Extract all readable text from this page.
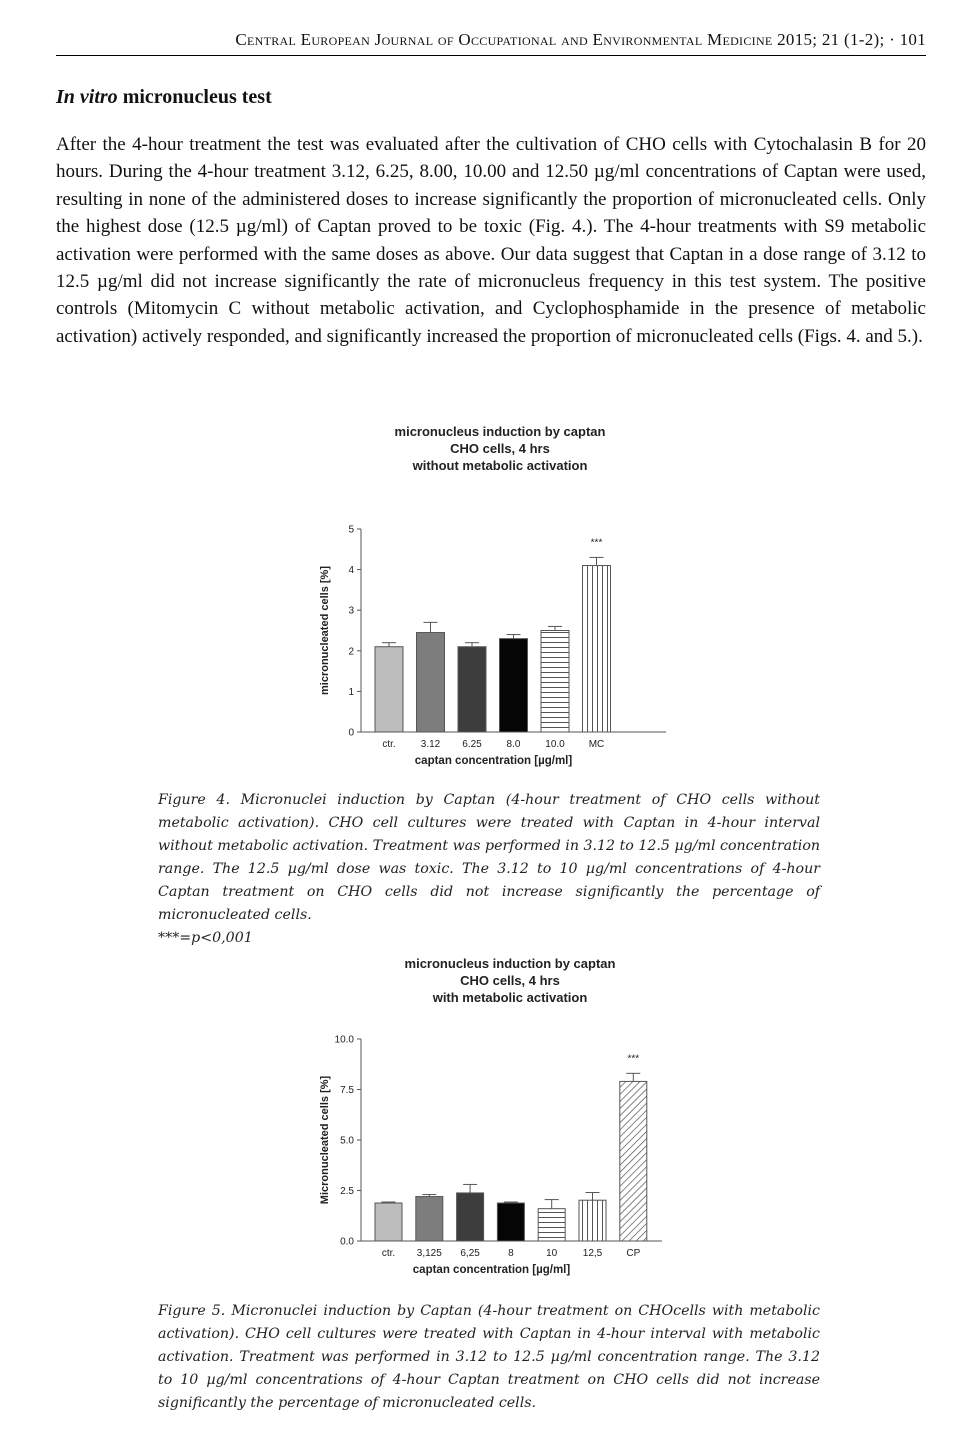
Central European Journal of Occupational and Environmental Medicine 2015; 21 (1-2); · 101
In vitro micronucleus test

After the 4-hour treatment the test was evaluated after the cultivation of CHO cells with Cytochalasin B for 20 hours. During the 4-hour treatment 3.12, 6.25, 8.00, 10.00 and 12.50 µg/ml concentrations of Captan were used, resulting in none of the administered doses to increase significantly the proportion of micronucleated cells. Only the highest dose (12.5 µg/ml) of Captan proved to be toxic (Fig. 4.). The 4-hour treatments with S9 metabolic activation were performed with the same doses as above. Our data suggest that Captan in a dose range of 3.12 to 12.5 µg/ml did not increase significantly the rate of micronucleus frequency in this test system. The positive controls (Mitomycin C without metabolic activation, and Cyclophosphamide in the presence of metabolic activation) actively responded, and significantly increased the proportion of micronucleated cells (Figs. 4. and 5.).

micronucleus induction by captan
CHO cells, 4 hrs
without metabolic activation
0
1
2
3
4
5
micronucleated cells [%]
ctr.	3.12 6.25 8.0 10.0 MC
***
captan concentration [µg/ml]

Figure 4. Micronuclei induction by Captan (4-hour treatment of CHO cells without metabolic activation). CHO cell cultures were treated with Captan in 4-hour interval without metabolic activation. Treatment was performed in 3.12 to 12.5 µg/ml concentration range. The 12.5 µg/ml dose was toxic. The 3.12 to 10 µg/ml concentrations of 4-hour Captan treatment on CHO cells did not increase significantly the percentage of micronucleated cells.

***=p<0,001

micronucleus induction by captan
CHO cells, 4 hrs
with metabolic activation
0.0
2.5
5.0
7.5
10.0
Micronucleated cells [%]
ctr. 3,125 6,25	8	10	12,5 CP
***
captan concentration [µg/ml]

Figure 5. Micronuclei induction by Captan (4-hour treatment on CHOcells with metabolic activation). CHO cell cultures were treated with Captan in 4-hour interval with metabolic activation. Treatment was performed in 3.12 to 12.5 µg/ml concentration range. The 3.12 to 10 µg/ml concentrations of 4-hour Captan treatment on CHO cells did not increase significantly the percentage of micronucleated cells.
